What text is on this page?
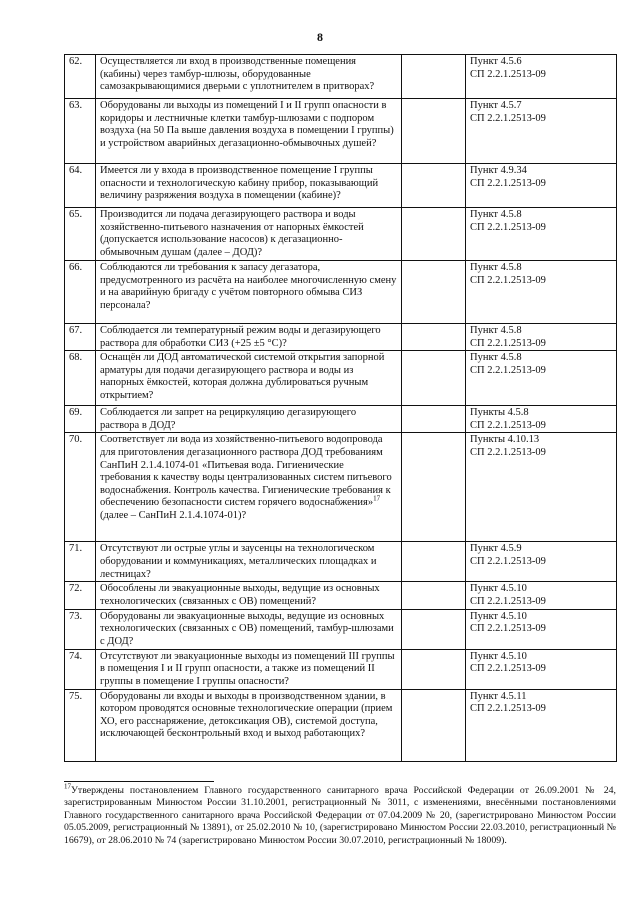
8
62.	Осуществляется ли вход в производственные помещения (кабины) через тамбур-шлюзы, оборудованные самозакрывающимися дверьми с уплотнителем в притворах?		Пункт 4.5.6
СП 2.2.1.2513-09

63.	Оборудованы ли выходы из помещений I и II групп опасности в коридоры и лестничные клетки тамбур-шлюзами с подпором воздуха (на 50 Па выше давления воздуха в помещении I группы) и устройством аварийных дегазационно-обмывочных душей?		Пункт 4.5.7
СП 2.2.1.2513-09

64.	Имеется ли у входа в производственное помещение I группы опасности и технологическую кабину прибор, показывающий величину разряжения воздуха в помещении (кабине)?		Пункт 4.9.34
СП 2.2.1.2513-09

65.	Производится ли подача дегазирующего раствора и воды хозяйственно-питьевого назначения от напорных ёмкостей (допускается использование насосов) к дегазационно-обмывочным душам (далее – ДОД)?		Пункт 4.5.8
СП 2.2.1.2513-09

66.	Соблюдаются ли требования к запасу дегазатора, предусмотренного из расчёта на наиболее многочисленную смену и на аварийную бригаду с учётом повторного обмыва СИЗ персонала?		Пункт 4.5.8
СП 2.2.1.2513-09

67.	Соблюдается ли температурный режим воды и дегазирующего раствора для обработки СИЗ (+25 ±5 °С)?		Пункт 4.5.8
СП 2.2.1.2513-09

68.	Оснащён ли ДОД автоматической системой открытия запорной арматуры для подачи дегазирующего раствора и воды из напорных ёмкостей, которая должна дублироваться ручным открытием?		Пункт 4.5.8
СП 2.2.1.2513-09

69.	Соблюдается ли запрет на рециркуляцию дегазирующего раствора в ДОД?		Пункты 4.5.8
СП 2.2.1.2513-09

70.	Соответствует ли вода из хозяйственно-питьевого водопровода для приготовления дегазационного раствора ДОД требованиям СанПиН 2.1.4.1074-01 «Питьевая вода. Гигиенические требования к качеству воды централизованных систем питьевого водоснабжения. Контроль качества. Гигиенические требования к обеспечению безопасности систем горячего водоснабжения»$^{17}$ (далее – СанПиН 2.1.4.1074-01)?		Пункты 4.10.13
СП 2.2.1.2513-09

71.	Отсутствуют ли острые углы и заусенцы на технологическом оборудовании и коммуникациях, металлических площадках и лестницах?		Пункт 4.5.9
СП 2.2.1.2513-09

72.	Обособлены ли эвакуационные выходы, ведущие из основных технологических (связанных с ОВ) помещений?		Пункт 4.5.10
СП 2.2.1.2513-09

73.	Оборудованы ли эвакуационные выходы, ведущие из основных технологических (связанных с ОВ) помещений, тамбур-шлюзами с ДОД?		Пункт 4.5.10
СП 2.2.1.2513-09

74.	Отсутствуют ли эвакуационные выходы из помещений III группы в помещения I и II групп опасности, а также из помещений II группы в помещение I группы опасности?		Пункт 4.5.10
СП 2.2.1.2513-09

75.	Оборудованы ли входы и выходы в производственном здании, в котором проводятся основные технологические операции (прием ХО, его расснаряжение, детоксикация ОВ), системой доступа, исключающей бесконтрольный вход и выход работающих?		Пункт 4.5.11
СП 2.2.1.2513-09
$^{17}$Утверждены постановлением Главного государственного санитарного врача Российской Федерации от 26.09.2001 № 24, зарегистрированным Минюстом России 31.10.2001, регистрационный № 3011, с изменениями, внесёнными постановлениями Главного государственного санитарного врача Российской Федерации от 07.04.2009 № 20, (зарегистрировано Минюстом России 05.05.2009, регистрационный № 13891), от 25.02.2010 № 10, (зарегистрировано Минюстом России 22.03.2010, регистрационный № 16679), от 28.06.2010 № 74 (зарегистрировано Минюстом России 30.07.2010, регистрационный № 18009).
